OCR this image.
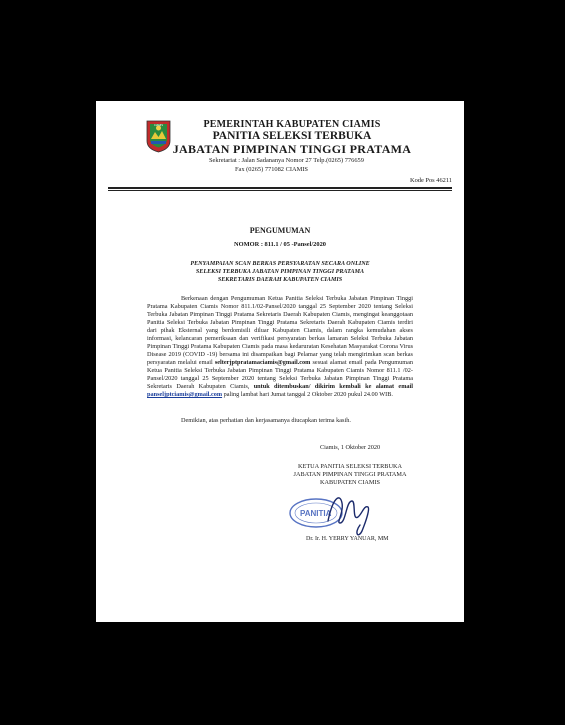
CIAMIS	PEMERINTAH KABUPATEN CIAMIS
PANITIA SELEKSI TERBUKA
JABATAN PIMPINAN TINGGI PRATAMA
Sekretariat : Jalan Sadananya Nomor 27 Telp.(0265) 776659
Fax (0265) 771082 CIAMIS
Kode Pos 46211
PENGUMUMAN
NOMOR : 811.1 / 05 -Pansel/2020
PENYAMPAIAN SCAN BERKAS PERSYARATAN SECARA ONLINE
SELEKSI TERBUKA JABATAN PIMPINAN TINGGI PRATAMA
SEKRETARIS DAERAH KABUPATEN CIAMIS

Berkenaan dengan Pengumuman Ketua Panitia Seleksi Terbuka Jabatan Pimpinan Tinggi Pratama Kabupaten Ciamis Nomor 811.1/02-Pansel/2020 tanggal 25 September 2020 tentang Seleksi Terbuka Jabatan Pimpinan Tinggi Pratama Sekretaris Daerah Kabupaten Ciamis, mengingat keanggotaan Panitia Seleksi Terbuka Jabatan Pimpinan Tinggi Pratama Sekretaris Daerah Kabupaten Ciamis terdiri dari pihak Eksternal yang berdomisili diluar Kabupaten Ciamis, dalam rangka kemudahan akses informasi, kelancaran pemeriksaan dan verifikasi persyaratan berkas lamaran Seleksi Terbuka Jabatan Pimpinan Tinggi Pratama Kabupaten Ciamis pada masa kedaruratan Kesehatan Masyarakat Corona Virus Disease 2019 (COVID -19) bersama ini disampaikan bagi Pelamar yang telah mengirimkan scan berkas persyaratan melalui email selterjptpratamaciamis@gmail.com sesuai alamat email pada Pengumuman Ketua Panitia Seleksi Terbuka Jabatan Pimpinan Tinggi Pratama Kabupaten Ciamis Nomor 811.1 /02-Pansel/2020 tanggal 25 September 2020 tentang Seleksi Terbuka Jabatan Pimpinan Tinggi Pratama Sekretaris Daerah Kabupaten Ciamis, untuk ditembuskan/ dikirim kembali ke alamat email panseljptciamis@gmail.com paling lambat hari Jumat tanggal 2 Oktober 2020 pukul 24.00 WIB.

Demikian, atas perhatian dan kerjasamanya diucapkan terima kasih.
Ciamis, 1 Oktober 2020
KETUA PANITIA SELEKSI TERBUKA
JABATAN PIMPINAN TINGGI PRATAMA
KABUPATEN CIAMIS
PANITIA
Dr. Ir. H. YERRY YANUAR, MM
